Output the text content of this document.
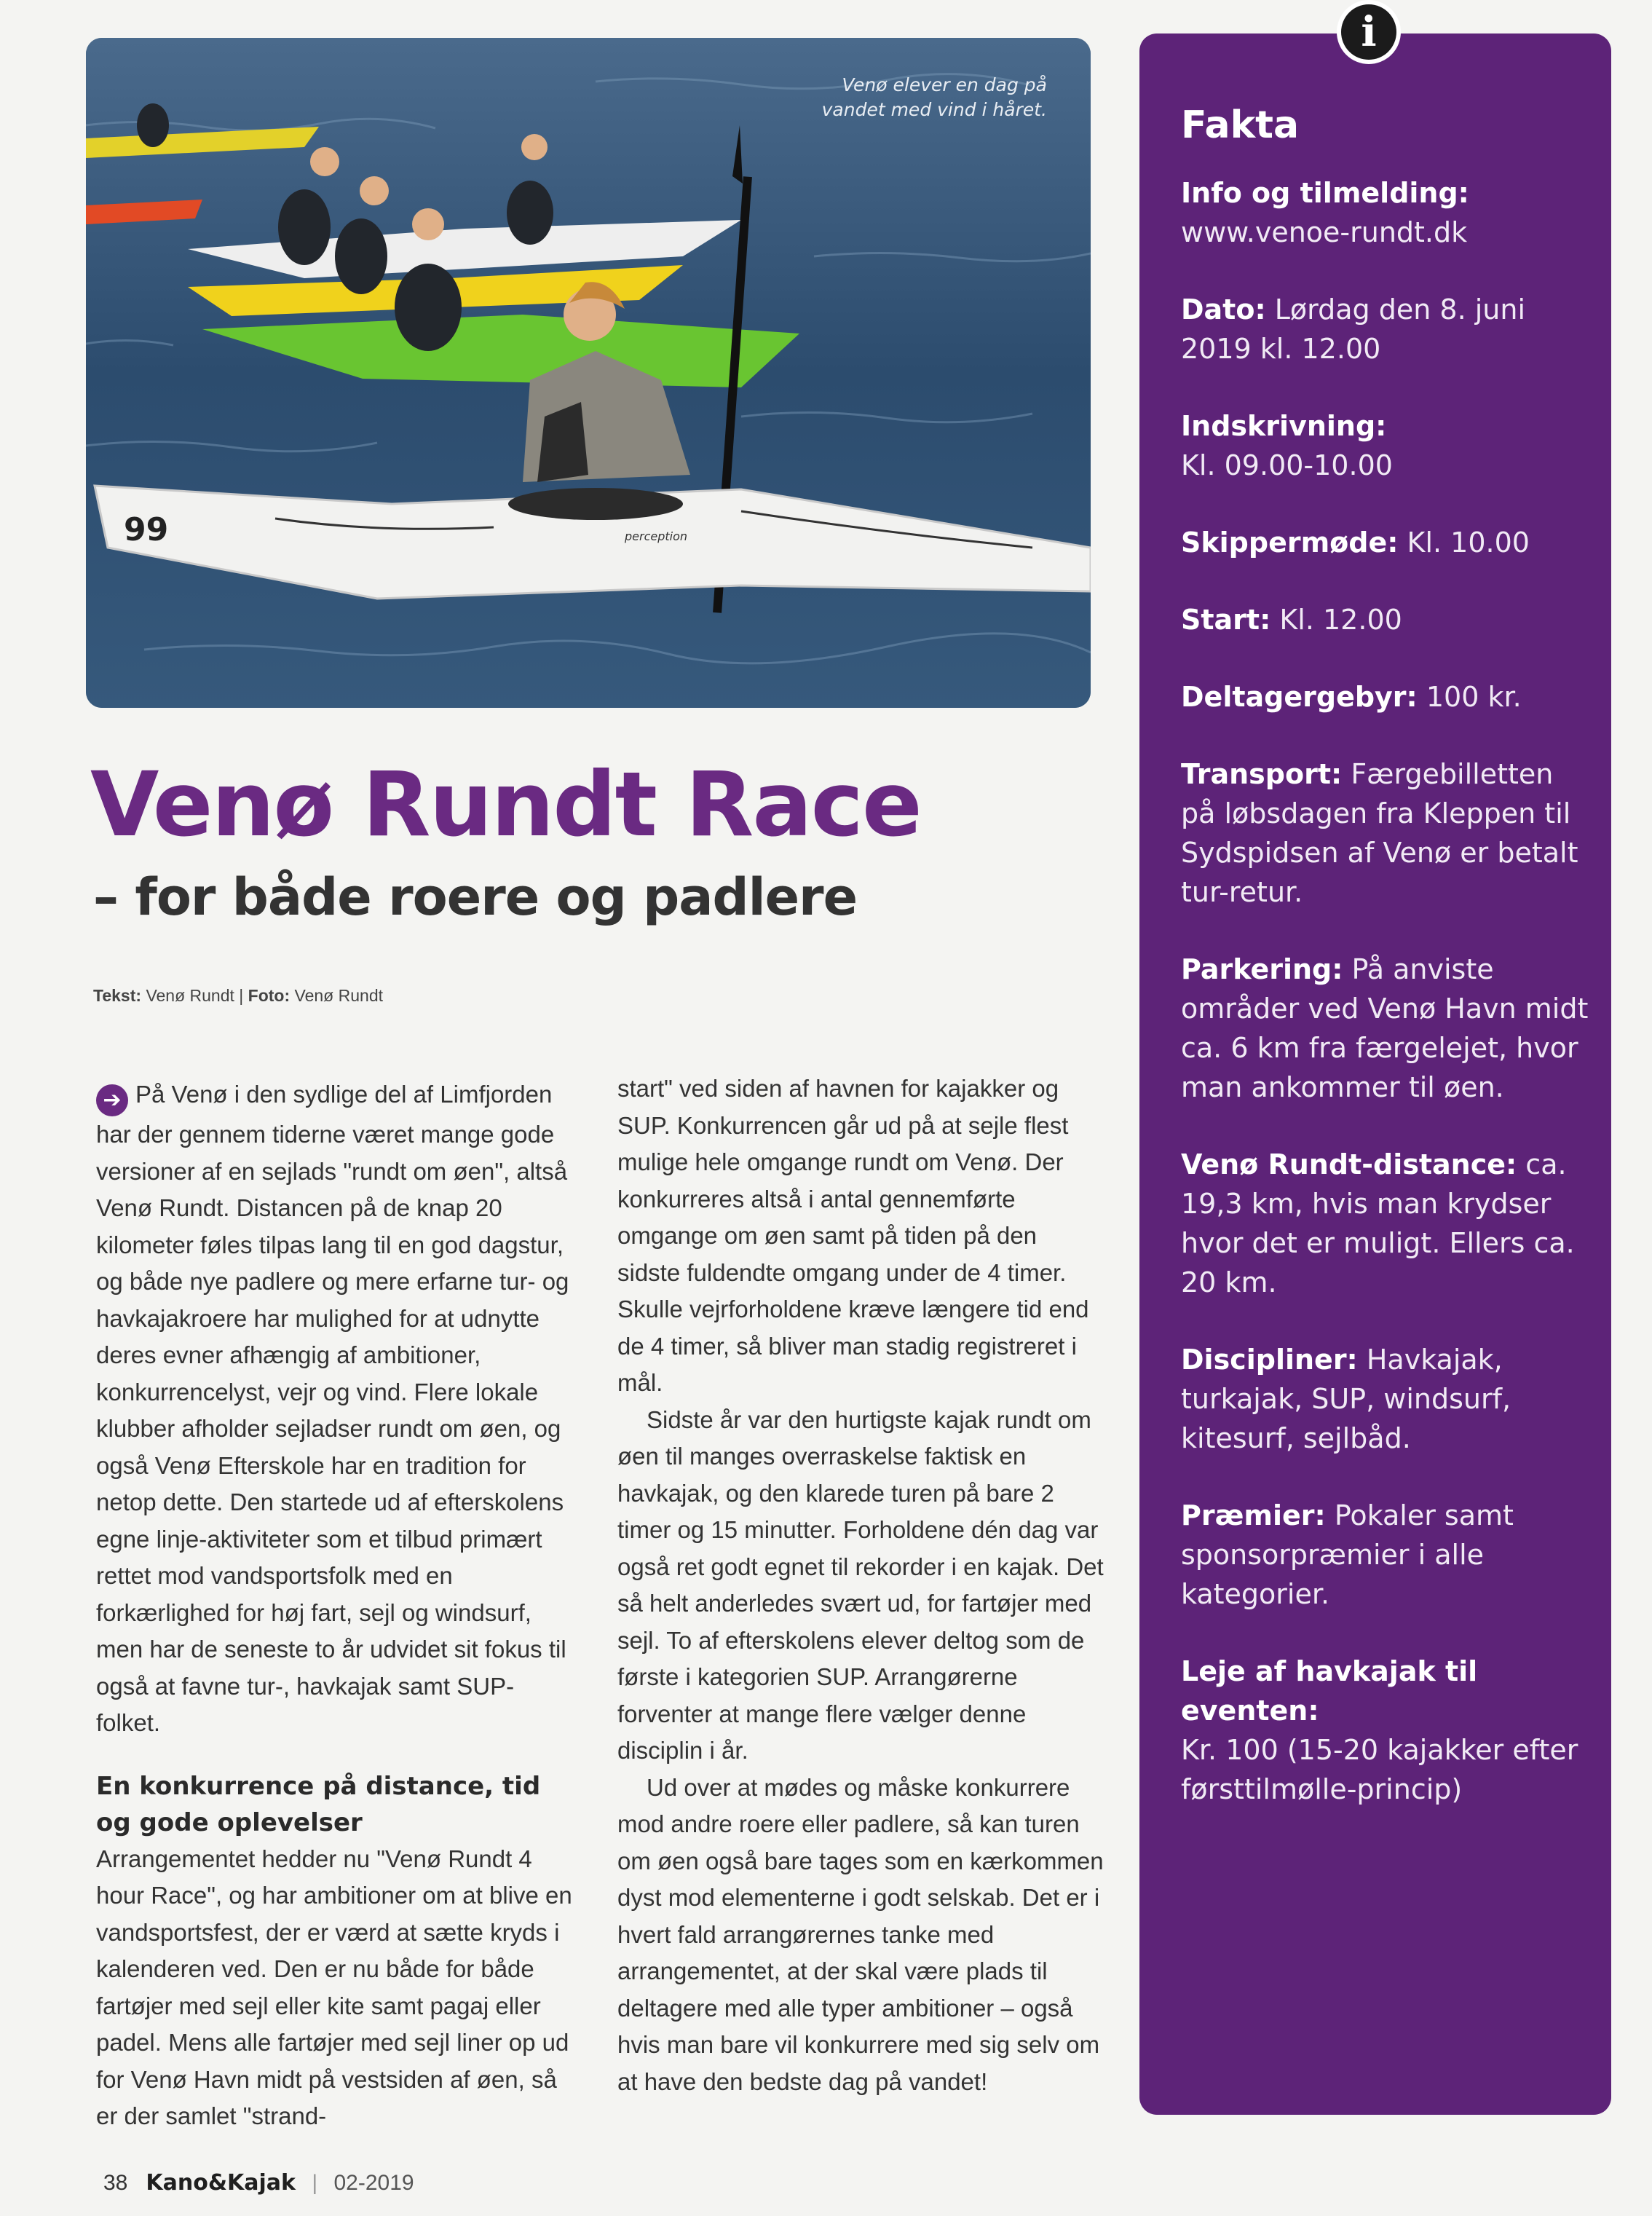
99	perception
Venø elever en dag på vandet med vind i håret.
Venø Rundt Race
– for både roere og padlere
Tekst: Venø Rundt | Foto: Venø Rundt

➔ På Venø i den sydlige del af Limfjorden har der gennem tiderne været mange gode versioner af en sejlads "rundt om øen", altså Venø Rundt. Distancen på de knap 20 kilometer føles tilpas lang til en god dagstur, og både nye padlere og mere erfarne tur- og havkajakroere har mulighed for at udnytte deres evner afhængig af ambitioner, konkurrencelyst, vejr og vind. Flere lokale klubber afholder sejladser rundt om øen, og også Venø Efterskole har en tradition for netop dette. Den startede ud af efterskolens egne linje-aktiviteter som et tilbud primært rettet mod vandsportsfolk med en forkærlighed for høj fart, sejl og windsurf, men har de seneste to år udvidet sit fokus til også at favne tur-, havkajak samt SUP-folket.

En konkurrence på distance, tid og gode oplevelser

Arrangementet hedder nu "Venø Rundt 4 hour Race", og har ambitioner om at blive en vandsportsfest, der er værd at sætte kryds i kalenderen ved. Den er nu både for både fartøjer med sejl eller kite samt pagaj eller padel. Mens alle fartøjer med sejl liner op ud for Venø Havn midt på vestsiden af øen, så er der samlet "strand-

start" ved siden af havnen for kajakker og SUP. Konkurrencen går ud på at sejle flest mulige hele omgange rundt om Venø. Der konkurreres altså i antal gennemførte omgange om øen samt på tiden på den sidste fuldendte omgang under de 4 timer. Skulle vejrforholdene kræve længere tid end de 4 timer, så bliver man stadig registreret i mål.

Sidste år var den hurtigste kajak rundt om øen til manges overraskelse faktisk en havkajak, og den klarede turen på bare 2 timer og 15 minutter. Forholdene dén dag var også ret godt egnet til rekorder i en kajak. Det så helt anderledes svært ud, for fartøjer med sejl. To af efterskolens elever deltog som de første i kategorien SUP. Arrangørerne forventer at mange flere vælger denne disciplin i år.

Ud over at mødes og måske konkurrere mod andre roere eller padlere, så kan turen om øen også bare tages som en kærkommen dyst mod elementerne i godt selskab. Det er i hvert fald arrangørernes tanke med arrangementet, at der skal være plads til deltagere med alle typer ambitioner – også hvis man bare vil konkurrere med sig selv om at have den bedste dag på vandet!

i
Fakta
Info og tilmelding:
www.venoe-rundt.dk
Dato: Lørdag den 8. juni 2019 kl. 12.00
Indskrivning:
Kl. 09.00-10.00
Skippermøde: Kl. 10.00
Start: Kl. 12.00
Deltagergebyr: 100 kr.
Transport: Færgebilletten på løbsdagen fra Kleppen til Sydspidsen af Venø er betalt tur-retur.
Parkering: På anviste områder ved Venø Havn midt ca. 6 km fra færgelejet, hvor man ankommer til øen.
Venø Rundt-distance: ca. 19,3 km, hvis man krydser hvor det er muligt. Ellers ca. 20 km.
Discipliner: Havkajak, turkajak, SUP, windsurf, kitesurf, sejlbåd.
Præmier: Pokaler samt sponsorpræmier i alle kategorier.
Leje af havkajak til eventen:
Kr. 100 (15-20 kajakker efter førsttilmølle-princip)
38 Kano&Kajak | 02-2019
